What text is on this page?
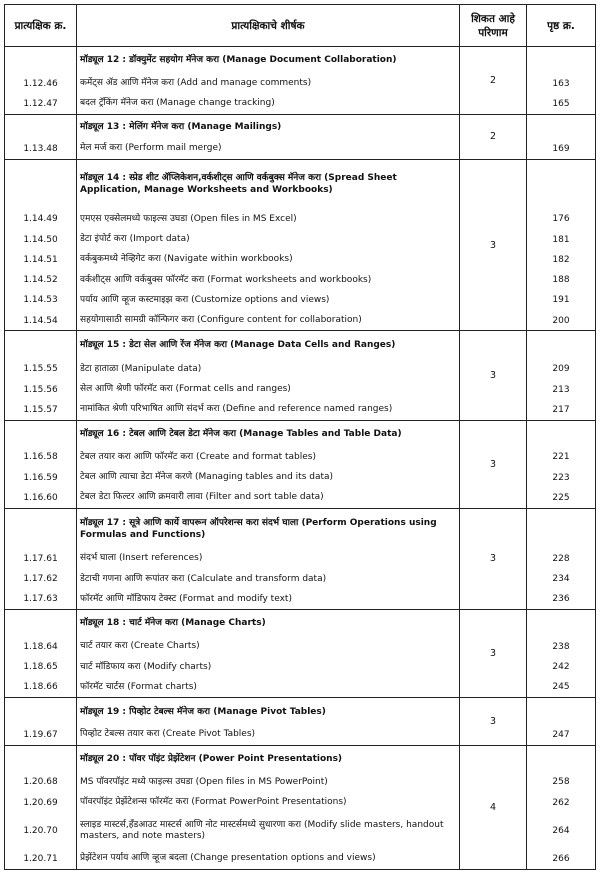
प्रात्यक्षिक क्र.	प्रात्यक्षिकाचे शीर्षक	शिकत आहे परिणाम	पृष्ठ क्र.
	मॉड्यूल 12 : डॉक्युमेंट सहयोग मॅनेज करा (Manage Document Collaboration)	2	
1.12.46	कमेंट्स ॲड आणि मॅनेज करा (Add and manage comments)		163
1.12.47	बदल ट्रॅकिंग मॅनेज करा (Manage change tracking)		165
	मॉड्यूल 13 : मेलिंग मॅनेज करा (Manage Mailings)	2	
1.13.48	मेल मर्ज करा (Perform mail merge)		169
	मॉड्यूल 14 : स्प्रेड शीट ॲप्लिकेशन,वर्कशीट्स आणि वर्कबुक्स मॅनेज करा (Spread Sheet Application, Manage Worksheets and Workbooks)	3	
1.14.49	एमएस एक्सेलमध्ये फाइल्स उघडा (Open files in MS Excel)		176
1.14.50	डेटा इंपोर्ट करा (Import data)		181
1.14.51	वर्कबुकमध्ये नेव्हिगेट करा (Navigate within workbooks)		182
1.14.52	वर्कशीट्स आणि वर्कबुक्स फॉरमॅट करा (Format worksheets and workbooks)		188
1.14.53	पर्याय आणि व्हूज कस्टमाइझ करा (Customize options and views)		191
1.14.54	सहयोगासाठी सामग्री कॉन्फिगर करा (Configure content for collaboration)		200
	मॉड्यूल 15 : डेटा सेल आणि रेंज मॅनेज करा (Manage Data Cells and Ranges)	3	
1.15.55	डेटा हाताळा (Manipulate data)		209
1.15.56	सेल आणि श्रेणी फॉरमॅट करा (Format cells and ranges)		213
1.15.57	नामांकित श्रेणी परिभाषित आणि संदर्भ करा (Define and reference named ranges)		217
	मॉड्यूल 16 : टेबल आणि टेबल डेटा मॅनेज करा (Manage Tables and Table Data)	3	
1.16.58	टेबल तयार करा आणि फॉरमॅट करा (Create and format tables)		221
1.16.59	टेबल आणि त्याचा डेटा मॅनेज करणे (Managing tables and its data)		223
1.16.60	टेबल डेटा फिल्टर आणि क्रमवारी लावा (Filter and sort table data)		225
	मॉड्यूल 17 : सूत्रे आणि कार्ये वापरून ऑपरेशन्स करा संदर्भ घाला (Perform Operations using Formulas and Functions)	3	
1.17.61	संदर्भ घाला (Insert references)		228
1.17.62	डेटाची गणना आणि रूपांतर करा (Calculate and transform data)		234
1.17.63	फॉरमॅट आणि मॉडिफाय टेक्स्ट (Format and modify text)		236
	मॉड्यूल 18 : चार्ट मॅनेज करा (Manage Charts)	3	
1.18.64	चार्ट तयार करा (Create Charts)		238
1.18.65	चार्ट मॉडिफाय करा (Modify charts)		242
1.18.66	फॉरमॅट चार्टस (Format charts)		245
	मॉड्यूल 19 : पिव्होट टेबल्स मॅनेज करा (Manage Pivot Tables)	3	
1.19.67	पिव्होट टेबल्स तयार करा (Create Pivot Tables)		247
	मॉड्यूल 20 : पॉवर पॉइंट प्रेझेंटेशन (Power Point Presentations)	4	
1.20.68	MS पॉवरपॉइंट मध्ये फाइल्स उघडा (Open files in MS PowerPoint)		258
1.20.69	पॉवरपॉइंट प्रेझेंटेशन्स फॉरमॅट करा (Format PowerPoint Presentations)		262
1.20.70	स्लाइड मास्टर्स,हँडआउट मास्टर्स आणि नोट मास्टर्समध्ये सुधारणा करा (Modify slide masters, handout masters, and note masters)		264
1.20.71	प्रेझेंटेशन पर्याय आणि व्हूज बदला (Change presentation options and views)		266
